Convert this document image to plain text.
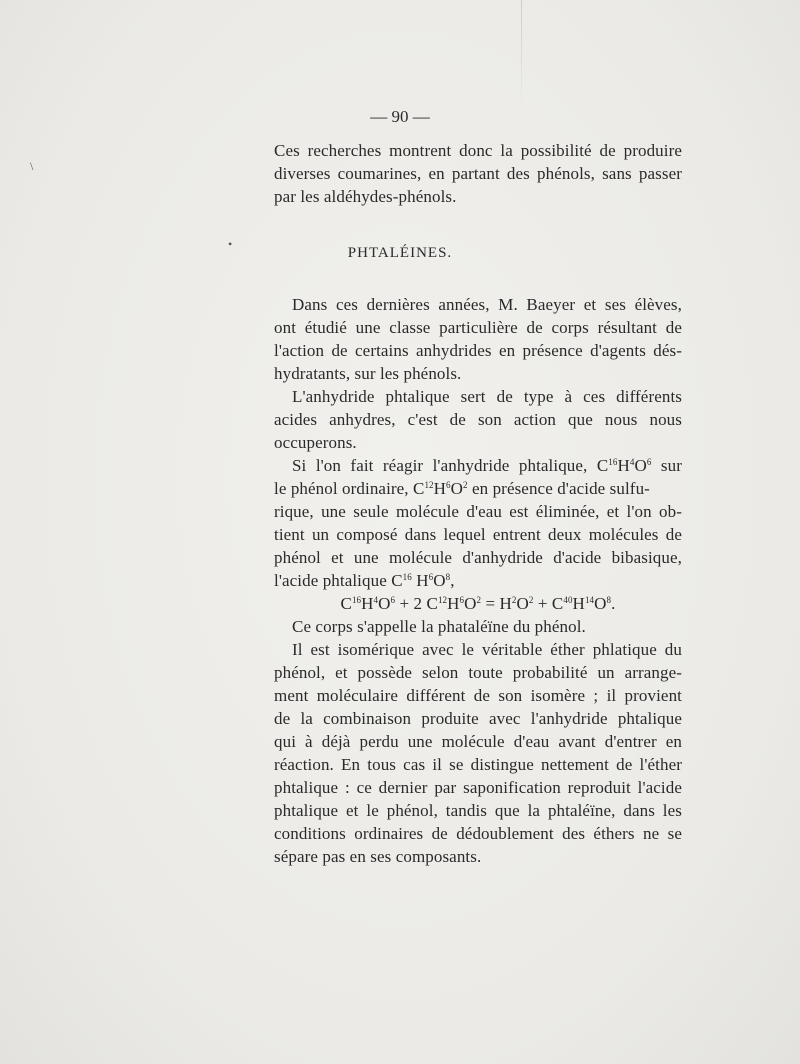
\
•
— 90 —
Ces recherches montrent donc la possibilité de produire
diverses coumarines, en partant des phénols, sans passer
par les aldéhydes-phénols.
PHTALÉINES.
Dans ces dernières années, M. Baeyer et ses élèves,
ont étudié une classe particulière de corps résultant de
l'action de certains anhydrides en présence d'agents dés-
hydratants, sur les phénols.
L'anhydride phtalique sert de type à ces différents
acides anhydres, c'est de son action que nous nous
occuperons.
Si l'on fait réagir l'anhydride phtalique, $C^{16}H^4O^6$ sur
le phénol ordinaire, $C^{12}H^6O^2$ en présence d'acide sulfu-
rique, une seule molécule d'eau est éliminée, et l'on ob-
tient un composé dans lequel entrent deux molécules de
phénol et une molécule d'anhydride d'acide bibasique,
l'acide phtalique $C^{16}$ $H^6O^8$,
$C^{16}H^4O^6 + 2$ $C^{12}H^6O^2 = H^2O^2 + C^{40}H^{14}O^8$.
Ce corps s'appelle la phataléïne du phénol.
Il est isomérique avec le véritable éther phlatique du
phénol, et possède selon toute probabilité un arrange-
ment moléculaire différent de son isomère ; il provient
de la combinaison produite avec l'anhydride phtalique
qui à déjà perdu une molécule d'eau avant d'entrer en
réaction. En tous cas il se distingue nettement de l'éther
phtalique : ce dernier par saponification reproduit l'acide
phtalique et le phénol, tandis que la phtaléïne, dans les
conditions ordinaires de dédoublement des éthers ne se
sépare pas en ses composants.
